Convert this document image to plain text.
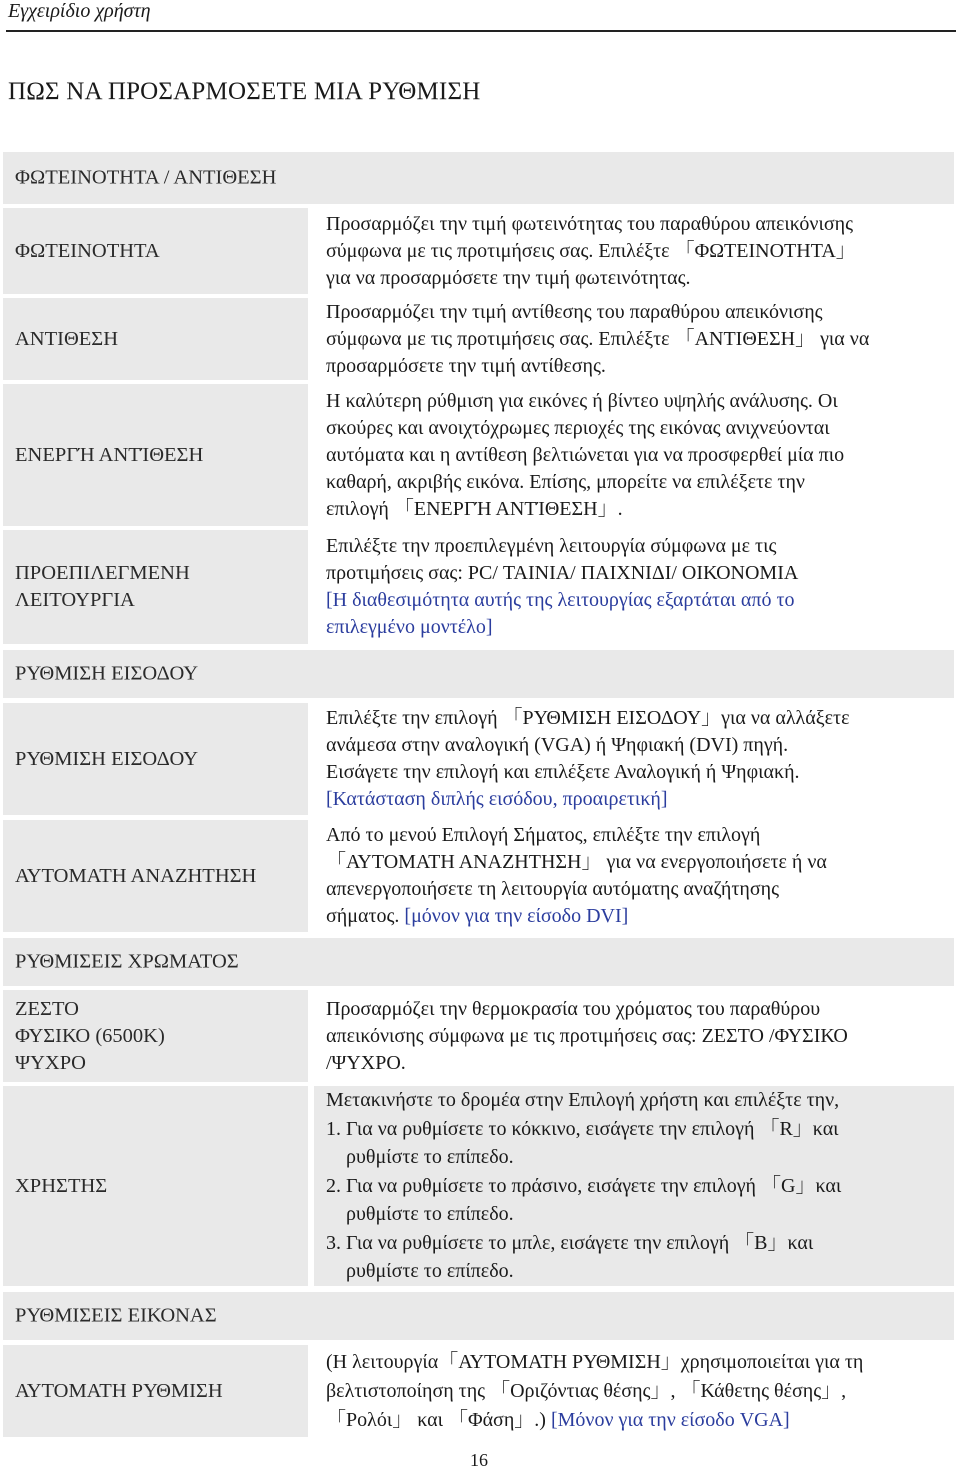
Εγχειρίδιο χρήστη
ΠΩΣ ΝΑ ΠΡΟΣΑΡΜΟΣΕΤΕ ΜΙΑ ΡΥΘΜΙΣΗ
ΦΩΤΕΙΝΟΤΗΤΑ / ΑΝΤΙΘΕΣΗ
ΦΩΤΕΙΝΟΤΗΤΑ
Προσαρμόζει την τιμή φωτεινότητας του παραθύρου απεικόνισης
σύμφωνα με τις προτιμήσεις σας. Επιλέξτε 「ΦΩΤΕΙΝΟΤΗΤΑ」
για να προσαρμόσετε την τιμή φωτεινότητας.
ΑΝΤΙΘΕΣΗ
Προσαρμόζει την τιμή αντίθεσης του παραθύρου απεικόνισης
σύμφωνα με τις προτιμήσεις σας. Επιλέξτε 「ΑΝΤΙΘΕΣΗ」 για να
προσαρμόσετε την τιμή αντίθεσης.
ΕΝΕΡΓΉ ΑΝΤΊΘΕΣΗ
Η καλύτερη ρύθμιση για εικόνες ή βίντεο υψηλής ανάλυσης. Οι
σκούρες και ανοιχτόχρωμες περιοχές της εικόνας ανιχνεύονται
αυτόματα και η αντίθεση βελτιώνεται για να προσφερθεί μία πιο
καθαρή, ακριβής εικόνα. Επίσης, μπορείτε να επιλέξετε την
επιλογή 「ΕΝΕΡΓΉ ΑΝΤΊΘΕΣΗ」.
ΠΡΟΕΠΙΛΕΓΜΕΝΗ
ΛΕΙΤΟΥΡΓΙΑ
Επιλέξτε την προεπιλεγμένη λειτουργία σύμφωνα με τις
προτιμήσεις σας: PC/ ΤΑΙΝΙΑ/ ΠΑΙΧΝΙΔΙ/ ΟΙΚΟΝΟΜΙΑ
[Η διαθεσιμότητα αυτής της λειτουργίας εξαρτάται από το
επιλεγμένο μοντέλο]
ΡΥΘΜΙΣΗ ΕΙΣΟΔΟΥ
ΡΥΘΜΙΣΗ ΕΙΣΟΔΟΥ
Επιλέξτε την επιλογή 「ΡΥΘΜΙΣΗ ΕΙΣΟΔΟΥ」για να αλλάξετε
ανάμεσα στην αναλογική (VGA) ή Ψηφιακή (DVI) πηγή.
Εισάγετε την επιλογή και επιλέξετε Αναλογική ή Ψηφιακή.
[Κατάσταση διπλής εισόδου, προαιρετική]
ΑΥΤΟΜΑΤΗ ΑΝΑΖΗΤΗΣΗ
Από το μενού Επιλογή Σήματος, επιλέξτε την επιλογή
「ΑΥΤΟΜΑΤΗ ΑΝΑΖΗΤΗΣΗ」 για να ενεργοποιήσετε ή να
απενεργοποιήσετε τη λειτουργία αυτόματης αναζήτησης
σήματος. [μόνον για την είσοδο DVI]
ΡΥΘΜΙΣΕΙΣ ΧΡΩΜΑΤΟΣ
ΖΕΣΤΟ
ΦΥΣΙΚΟ (6500K)
ΨΥΧΡΟ
Προσαρμόζει την θερμοκρασία του χρόματος του παραθύρου
απεικόνισης σύμφωνα με τις προτιμήσεις σας: ΖΕΣΤΟ /ΦΥΣΙΚΟ
/ΨΥΧΡΟ.
ΧΡΗΣΤΗΣ
Μετακινήστε το δρομέα στην Επιλογή χρήστη και επιλέξτε την,
1. Για να ρυθμίσετε το κόκκινο, εισάγετε την επιλογή 「R」και
ρυθμίστε το επίπεδο.
2. Για να ρυθμίσετε το πράσινο, εισάγετε την επιλογή 「G」και
ρυθμίστε το επίπεδο.
3. Για να ρυθμίσετε το μπλε, εισάγετε την επιλογή 「B」και
ρυθμίστε το επίπεδο.
ΡΥΘΜΙΣΕΙΣ ΕΙΚΟΝΑΣ
ΑΥΤΟΜΑΤΗ ΡΥΘΜΙΣΗ
(Η λειτουργία「ΑΥΤΟΜΑΤΗ ΡΥΘΜΙΣΗ」χρησιμοποιείται για τη
βελτιστοποίηση της 「Οριζόντιας θέσης」, 「Κάθετης θέσης」,
「Ρολόι」 και 「Φάση」.) [Μόνον για την είσοδο VGA]
16
